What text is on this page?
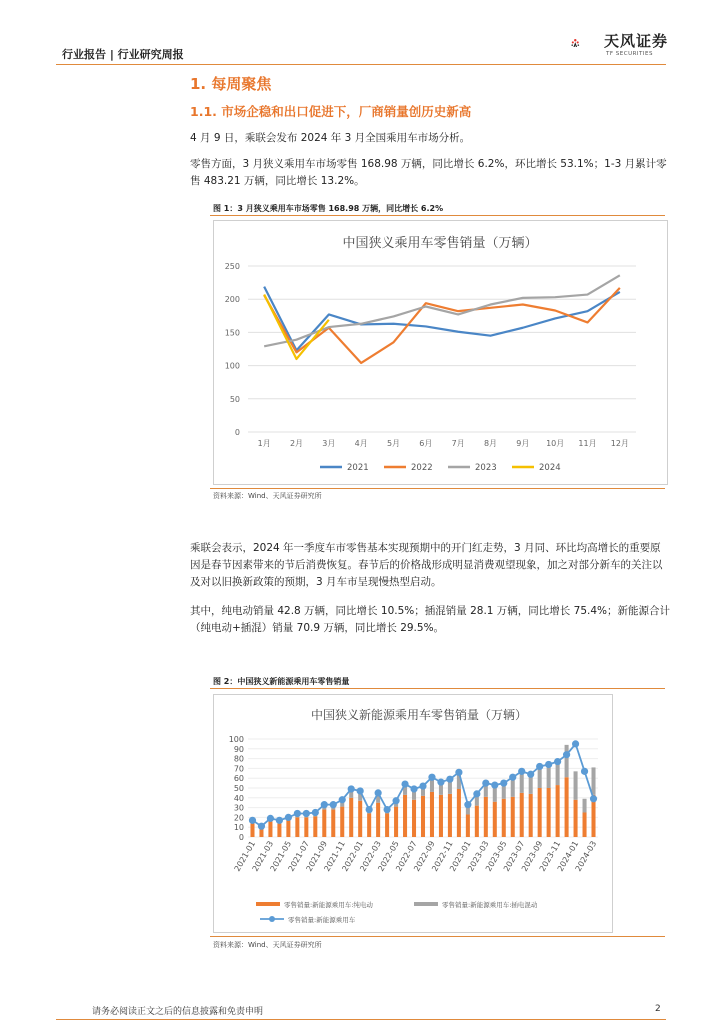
行业报告 | 行业研究周报
天风证券
TF SECURITIES
1. 每周聚焦
1.1. 市场企稳和出口促进下，厂商销量创历史新高
4 月 9 日，乘联会发布 2024 年 3 月全国乘用车市场分析。
零售方面，3 月狭义乘用车市场零售 168.98 万辆，同比增长 6.2%，环比增长 53.1%；1-3 月累计零售 483.21 万辆，同比增长 13.2%。
图 1：3 月狭义乘用车市场零售 168.98 万辆，同比增长 6.2%
中国狭义乘用车零售销量（万辆）
0
50
100
150
200
250
1月 2月 3月 4月 5月 6月 7月 8月 9月 10月 11月 12月
2021	2022	2023	2024
资料来源：Wind、天风证券研究所
乘联会表示，2024 年一季度车市零售基本实现预期中的开门红走势，3 月同、环比均高增长的重要原因是春节因素带来的节后消费恢复。春节后的价格战形成明显消费观望现象，加之对部分新车的关注以及对以旧换新政策的预期，3 月车市呈现慢热型启动。
其中，纯电动销量 42.8 万辆，同比增长 10.5%；插混销量 28.1 万辆，同比增长 75.4%；新能源合计（纯电动+插混）销量 70.9 万辆，同比增长 29.5%。
图 2：中国狭义新能源乘用车零售销量
中国狭义新能源乘用车零售销量（万辆）
0
10
20
30
40
50
60
70
80
90
100
2021-01
2021-03
2021-05
2021-07
2021-09
2021-11
2022-01
2022-03
2022-05
2022-07
2022-09
2022-11
2023-01
2023-03
2023-05
2023-07
2023-09
2023-11
2024-01
2024-03
零售销量:新能源乘用车:纯电动	零售销量:新能源乘用车:插电混动
零售销量:新能源乘用车
资料来源：Wind、天风证券研究所
请务必阅读正文之后的信息披露和免责申明	2
